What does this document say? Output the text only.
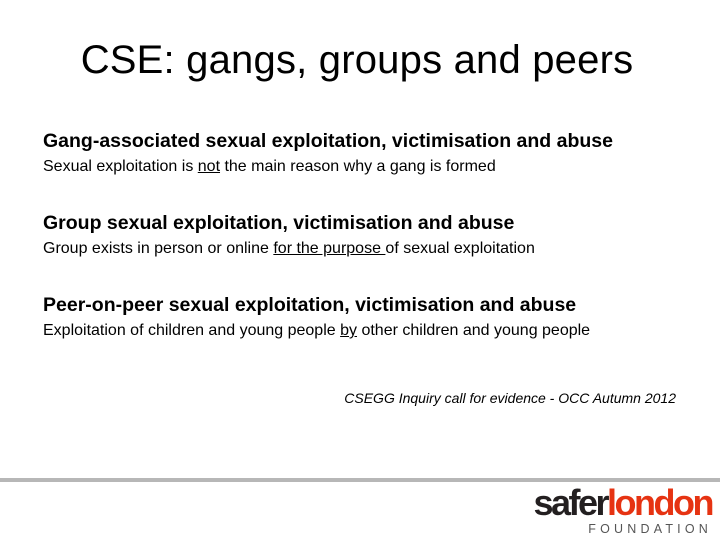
CSE: gangs, groups and peers
Gang-associated sexual exploitation, victimisation and abuse
Sexual exploitation is not the main reason why a gang is formed
Group sexual exploitation, victimisation and abuse
Group exists in person or online for the purpose of sexual exploitation
Peer-on-peer sexual exploitation, victimisation and abuse
Exploitation of children and young people by other children and young people
CSEGG Inquiry call for evidence - OCC Autumn 2012
saferlondon
FOUNDATION
